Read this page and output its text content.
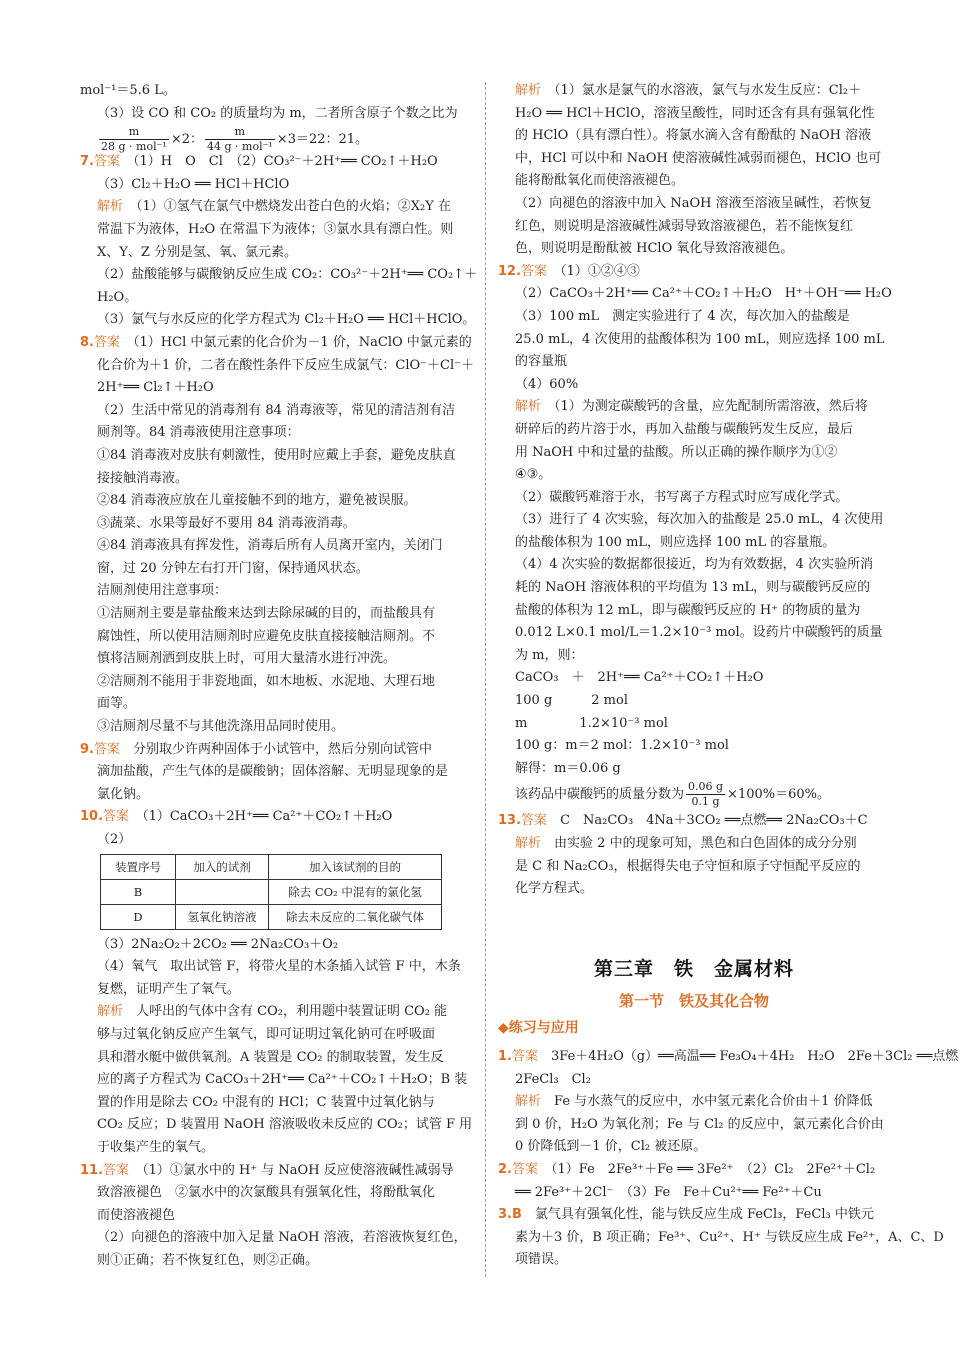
mol⁻¹＝5.6 L。
（3）设 CO 和 CO₂ 的质量均为 m，二者所含原子个数之比为
$\frac{m}{\text{28 g · mol⁻¹}} \times 2$： $\frac{m}{\text{44 g · mol⁻¹}} \times 3=22$：21。
7.答案　 （1）H　O　Cl　（2）CO₃²⁻＋2H⁺══ CO₂↑＋H₂O
（3）Cl₂＋H₂O ══ HCl＋HClO
解析　 （1）①氢气在氯气中燃烧发出苍白色的火焰；②X₂Y 在
常温下为液体，H₂O 在常温下为液体；③氯水具有漂白性。则
X、Y、Z 分别是氢、氧、氯元素。
（2）盐酸能够与碳酸钠反应生成 CO₂：CO₃²⁻＋2H⁺══ CO₂↑＋
H₂O。
（3）氯气与水反应的化学方程式为 Cl₂＋H₂O ══ HCl＋HClO。
8.答案　 （1）HCl 中氯元素的化合价为－1 价，NaClO 中氯元素的
化合价为＋1 价，二者在酸性条件下反应生成氯气：ClO⁻＋Cl⁻＋
2H⁺══ Cl₂↑＋H₂O
（2）生活中常见的消毒剂有 84 消毒液等，常见的清洁剂有洁
厕剂等。84 消毒液使用注意事项：
①84 消毒液对皮肤有刺激性，使用时应戴上手套，避免皮肤直
接接触消毒液。
②84 消毒液应放在儿童接触不到的地方，避免被误服。
③蔬菜、水果等最好不要用 84 消毒液消毒。
④84 消毒液具有挥发性，消毒后所有人员离开室内，关闭门
窗，过 20 分钟左右打开门窗，保持通风状态。
洁厕剂使用注意事项：
①洁厕剂主要是靠盐酸来达到去除尿碱的目的，而盐酸具有
腐蚀性，所以使用洁厕剂时应避免皮肤直接接触洁厕剂。不
慎将洁厕剂洒到皮肤上时，可用大量清水进行冲洗。
②洁厕剂不能用于非瓷地面，如木地板、水泥地、大理石地
面等。
③洁厕剂尽量不与其他洗涤用品同时使用。
9.答案　 分别取少许两种固体于小试管中，然后分别向试管中
滴加盐酸，产生气体的是碳酸钠；固体溶解、无明显现象的是
氯化钠。
10.答案　 （1）CaCO₃＋2H⁺══ Ca²⁺＋CO₂↑＋H₂O
（2）
装置序号	加入的试剂	加入该试剂的目的
B		除去 CO₂ 中混有的氯化氢
D	氢氧化钠溶液	除去未反应的二氧化碳气体
（3）2Na₂O₂＋2CO₂ ══ 2Na₂CO₃＋O₂
（4）氧气　取出试管 F，将带火星的木条插入试管 F 中，木条
复燃，证明产生了氧气。
解析　 人呼出的气体中含有 CO₂，利用题中装置证明 CO₂ 能
够与过氧化钠反应产生氧气，即可证明过氧化钠可在呼吸面
具和潜水艇中做供氧剂。A 装置是 CO₂ 的制取装置，发生反
应的离子方程式为 CaCO₃＋2H⁺══ Ca²⁺＋CO₂↑＋H₂O；B 装
置的作用是除去 CO₂ 中混有的 HCl；C 装置中过氧化钠与
CO₂ 反应；D 装置用 NaOH 溶液吸收未反应的 CO₂；试管 F 用
于收集产生的氧气。
11.答案　 （1）①氯水中的 H⁺ 与 NaOH 反应使溶液碱性减弱导
致溶液褪色　②氯水中的次氯酸具有强氧化性，将酚酞氧化
而使溶液褪色
（2）向褪色的溶液中加入足量 NaOH 溶液，若溶液恢复红色，
则①正确；若不恢复红色，则②正确。
解析　 （1）氯水是氯气的水溶液，氯气与水发生反应：Cl₂＋
H₂O ══ HCl＋HClO，溶液呈酸性，同时还含有具有强氧化性
的 HClO（具有漂白性）。将氯水滴入含有酚酞的 NaOH 溶液
中，HCl 可以中和 NaOH 使溶液碱性减弱而褪色，HClO 也可
能将酚酞氧化而使溶液褪色。
（2）向褪色的溶液中加入 NaOH 溶液至溶液呈碱性，若恢复
红色，则说明是溶液碱性减弱导致溶液褪色，若不能恢复红
色，则说明是酚酞被 HClO 氧化导致溶液褪色。
12.答案　 （1）①②④③
（2）CaCO₃＋2H⁺══ Ca²⁺＋CO₂↑＋H₂O　H⁺＋OH⁻══ H₂O
（3）100 mL　测定实验进行了 4 次，每次加入的盐酸是
25.0 mL，4 次使用的盐酸体积为 100 mL，则应选择 100 mL
的容量瓶
（4）60%
解析　 （1）为测定碳酸钙的含量，应先配制所需溶液，然后将
研碎后的药片溶于水，再加入盐酸与碳酸钙发生反应，最后
用 NaOH 中和过量的盐酸。所以正确的操作顺序为①②
④③。
（2）碳酸钙难溶于水，书写离子方程式时应写成化学式。
（3）进行了 4 次实验，每次加入的盐酸是 25.0 mL，4 次使用
的盐酸体积为 100 mL，则应选择 100 mL 的容量瓶。
（4）4 次实验的数据都很接近，均为有效数据，4 次实验所消
耗的 NaOH 溶液体积的平均值为 13 mL，则与碳酸钙反应的
盐酸的体积为 12 mL，即与碳酸钙反应的 H⁺ 的物质的量为
0.012 L×0.1 mol/L＝1.2×10⁻³ mol。设药片中碳酸钙的质量
为 m，则：
CaCO₃　＋　2H⁺══ Ca²⁺＋CO₂↑＋H₂O
100 g　　　2 mol
m　　　　1.2×10⁻³ mol
100 g：m＝2 mol：1.2×10⁻³ mol
解得：m＝0.06 g
该药品中碳酸钙的质量分数为 $\frac{0.06 g}{0.1 g} \times 100\%=60\%$。
13.答案　 C　Na₂CO₃　4Na＋3CO₂ ══点燃══ 2Na₂CO₃＋C
解析　 由实验 2 中的现象可知，黑色和白色固体的成分分别
是 C 和 Na₂CO₃，根据得失电子守恒和原子守恒配平反应的
化学方程式。
第三章　铁　金属材料
第一节　铁及其化合物
◆练习与应用
1.答案　 3Fe＋4H₂O（g）══高温══ Fe₃O₄＋4H₂　H₂O　2Fe＋3Cl₂ ══点燃
2FeCl₃　Cl₂
解析　 Fe 与水蒸气的反应中，水中氢元素化合价由＋1 价降低
到 0 价，H₂O 为氧化剂；Fe 与 Cl₂ 的反应中，氯元素化合价由
0 价降低到－1 价，Cl₂ 被还原。
2.答案　 （1）Fe　2Fe³⁺＋Fe ══ 3Fe²⁺　（2）Cl₂　2Fe²⁺＋Cl₂
══ 2Fe³⁺＋2Cl⁻　（3）Fe　Fe＋Cu²⁺══ Fe²⁺＋Cu
3.B　 氯气具有强氧化性，能与铁反应生成 FeCl₃，FeCl₃ 中铁元
素为＋3 价，B 项正确；Fe³⁺、Cu²⁺、H⁺ 与铁反应生成 Fe²⁺，A、C、D
项错误。
